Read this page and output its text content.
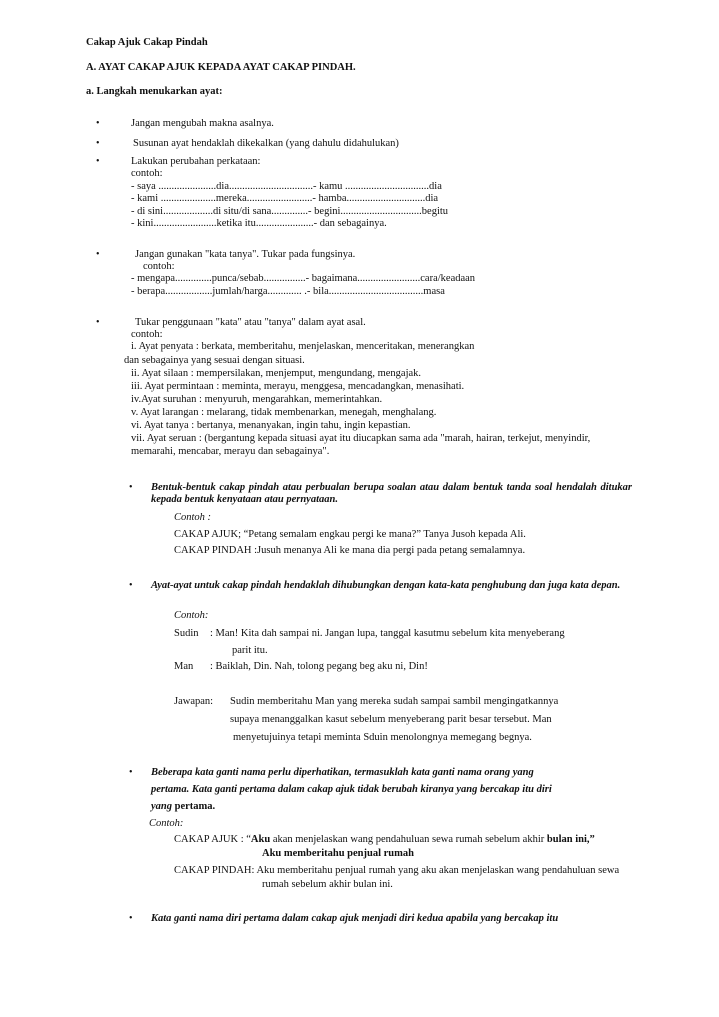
Cakap Ajuk Cakap Pindah
A. AYAT CAKAP AJUK KEPADA AYAT CAKAP PINDAH.
a. Langkah menukarkan ayat:
•	Jangan mengubah makna asalnya.
•	Susunan ayat hendaklah dikekalkan (yang dahulu didahulukan)
•	Lakukan perubahan perkataan:
contoh:
- saya ......................dia................................- kamu ................................dia
- kami .....................mereka.........................- hamba..............................dia
- di sini...................di situ/di sana..............- begini...............................begitu
- kini........................ketika itu......................- dan sebagainya.
•	Jangan gunakan "kata tanya". Tukar pada fungsinya.
contoh:
- mengapa..............punca/sebab................- bagaimana........................cara/keadaan
- berapa..................jumlah/harga............. .- bila....................................masa
•	Tukar penggunaan "kata" atau "tanya" dalam ayat asal.
contoh:
i. Ayat penyata : berkata, memberitahu, menjelaskan, menceritakan, menerangkan
dan sebagainya yang sesuai dengan situasi.
ii. Ayat silaan : mempersilakan, menjemput, mengundang, mengajak.
iii. Ayat permintaan : meminta, merayu, menggesa, mencadangkan, menasihati.
iv.Ayat suruhan : menyuruh, mengarahkan, memerintahkan.
v. Ayat larangan : melarang, tidak membenarkan, menegah, menghalang.
vi. Ayat tanya : bertanya, menanyakan, ingin tahu, ingin kepastian.
vii. Ayat seruan : (bergantung kepada situasi ayat itu diucapkan sama ada "marah, hairan, terkejut, menyindir,
memarahi, mencabar, merayu dan sebagainya".
• Bentuk-bentuk cakap pindah atau perbualan berupa soalan atau dalam bentuk tanda soal hendalah ditukar kepada bentuk kenyataan atau pernyataan.
Contoh :
CAKAP AJUK; “Petang semalam engkau pergi ke mana?” Tanya Jusoh kepada Ali.
CAKAP PINDAH :Jusuh menanya Ali ke mana dia pergi pada petang semalamnya.
• Ayat-ayat untuk cakap pindah hendaklah dihubungkan dengan kata-kata penghubung dan juga kata depan.
Contoh:
Sudin : Man! Kita dah sampai ni. Jangan lupa, tanggal kasutmu sebelum kita menyeberang
parit itu.
Man : Baiklah, Din. Nah, tolong pegang beg aku ni, Din!
Jawapan: Sudin memberitahu Man yang mereka sudah sampai sambil mengingatkannya
supaya menanggalkan kasut sebelum menyeberang parit besar tersebut. Man
menyetujuinya tetapi meminta Sduin menolongnya memegang begnya.
• Beberapa kata ganti nama perlu diperhatikan, termasuklah kata ganti nama orang yang
pertama. Kata ganti pertama dalam cakap ajuk tidak berubah kiranya yang bercakap itu diri
yang pertama.
Contoh:
CAKAP AJUK : “Aku akan menjelaskan wang pendahuluan sewa rumah sebelum akhir bulan ini,”
Aku memberitahu penjual rumah
CAKAP PINDAH: Aku memberitahu penjual rumah yang aku akan menjelaskan wang pendahuluan sewa
rumah sebelum akhir bulan ini.
• Kata ganti nama diri pertama dalam cakap ajuk menjadi diri kedua apabila yang bercakap itu
